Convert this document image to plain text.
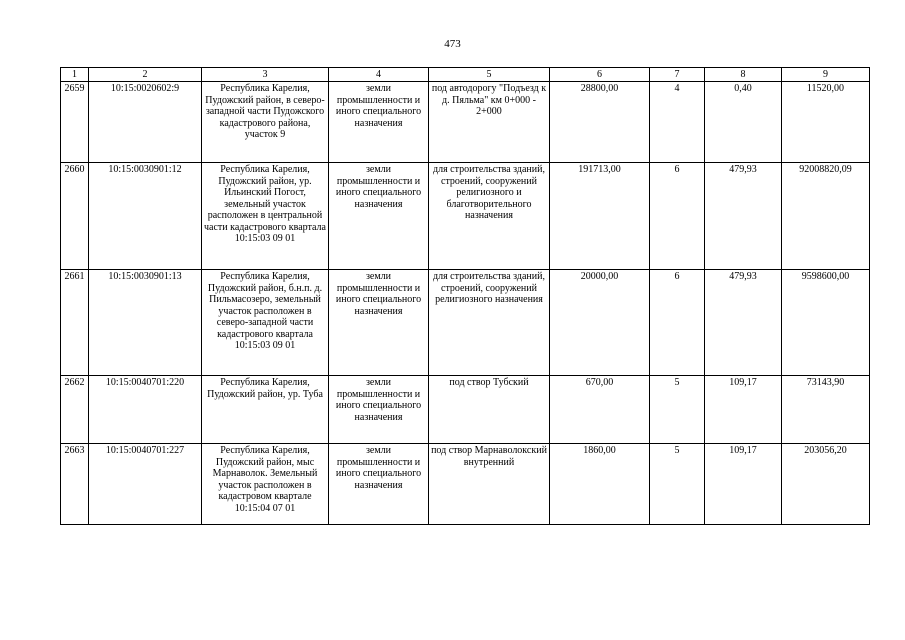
473
1	2	3	4	5	6	7	8	9
2659	10:15:0020602:9	Республика Карелия, Пудожский район, в северо-западной части Пудожского кадастрового района, участок 9	земли промышленности и иного специального назначения	под автодорогу "Подъезд к д. Пяльма" км 0+000 - 2+000	28800,00	4	0,40	11520,00
2660	10:15:0030901:12	Республика Карелия, Пудожский район, ур. Ильинский Погост, земельный участок расположен в центральной части кадастрового квартала 10:15:03 09 01	земли промышленности и иного специального назначения	для строительства зданий, строений, сооружений религиозного и благотворительного назначения	191713,00	6	479,93	92008820,09
2661	10:15:0030901:13	Республика Карелия, Пудожский район, б.н.п. д. Пильмасозеро, земельный участок расположен в северо-западной части кадастрового квартала 10:15:03 09 01	земли промышленности и иного специального назначения	для строительства зданий, строений, сооружений религиозного назначения	20000,00	6	479,93	9598600,00
2662	10:15:0040701:220	Республика Карелия, Пудожский район, ур. Туба	земли промышленности и иного специального назначения	под створ Тубский	670,00	5	109,17	73143,90
2663	10:15:0040701:227	Республика Карелия, Пудожский район, мыс Марнаволок. Земельный участок расположен в кадастровом квартале 10:15:04 07 01	земли промышленности и иного специального назначения	под створ Марнаволокский внутренний	1860,00	5	109,17	203056,20
